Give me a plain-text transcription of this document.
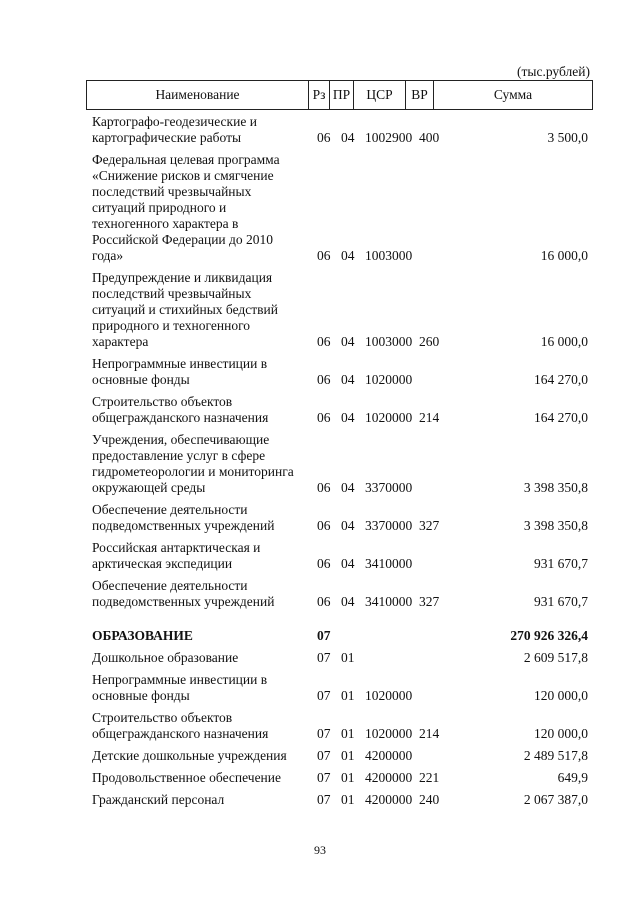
(тыс.рублей)
Наименование	Рз ПР	ЦСР	ВР	Сумма
Картографо-геодезические и
картографические работы	06 04 1002900 400	3 500,0
Федеральная целевая программа
«Снижение рисков и смягчение
последствий чрезвычайных
ситуаций природного и
техногенного характера в
Российской Федерации до 2010
года»	06 04 1003000	16 000,0
Предупреждение и ликвидация
последствий чрезвычайных
ситуаций и стихийных бедствий
природного и техногенного
характера	06 04 1003000 260	16 000,0
Непрограммные инвестиции в
основные фонды	06 04 1020000	164 270,0
Строительство объектов
общегражданского назначения	06 04 1020000 214	164 270,0
Учреждения, обеспечивающие
предоставление услуг в сфере
гидрометеорологии и мониторинга
окружающей среды	06 04 3370000	3 398 350,8
Обеспечение деятельности
подведомственных учреждений	06 04 3370000 327	3 398 350,8
Российская антарктическая и
арктическая экспедиции	06 04 3410000	931 670,7
Обеспечение деятельности
подведомственных учреждений	06 04 3410000 327	931 670,7
ОБРАЗОВАНИЕ	07	270 926 326,4
Дошкольное образование	07 01	2 609 517,8
Непрограммные инвестиции в
основные фонды	07 01 1020000	120 000,0
Строительство объектов
общегражданского назначения	07 01 1020000 214	120 000,0
Детские дошкольные учреждения	07 01 4200000	2 489 517,8
Продовольственное обеспечение	07 01 4200000 221	649,9
Гражданский персонал	07 01 4200000 240	2 067 387,0
93
